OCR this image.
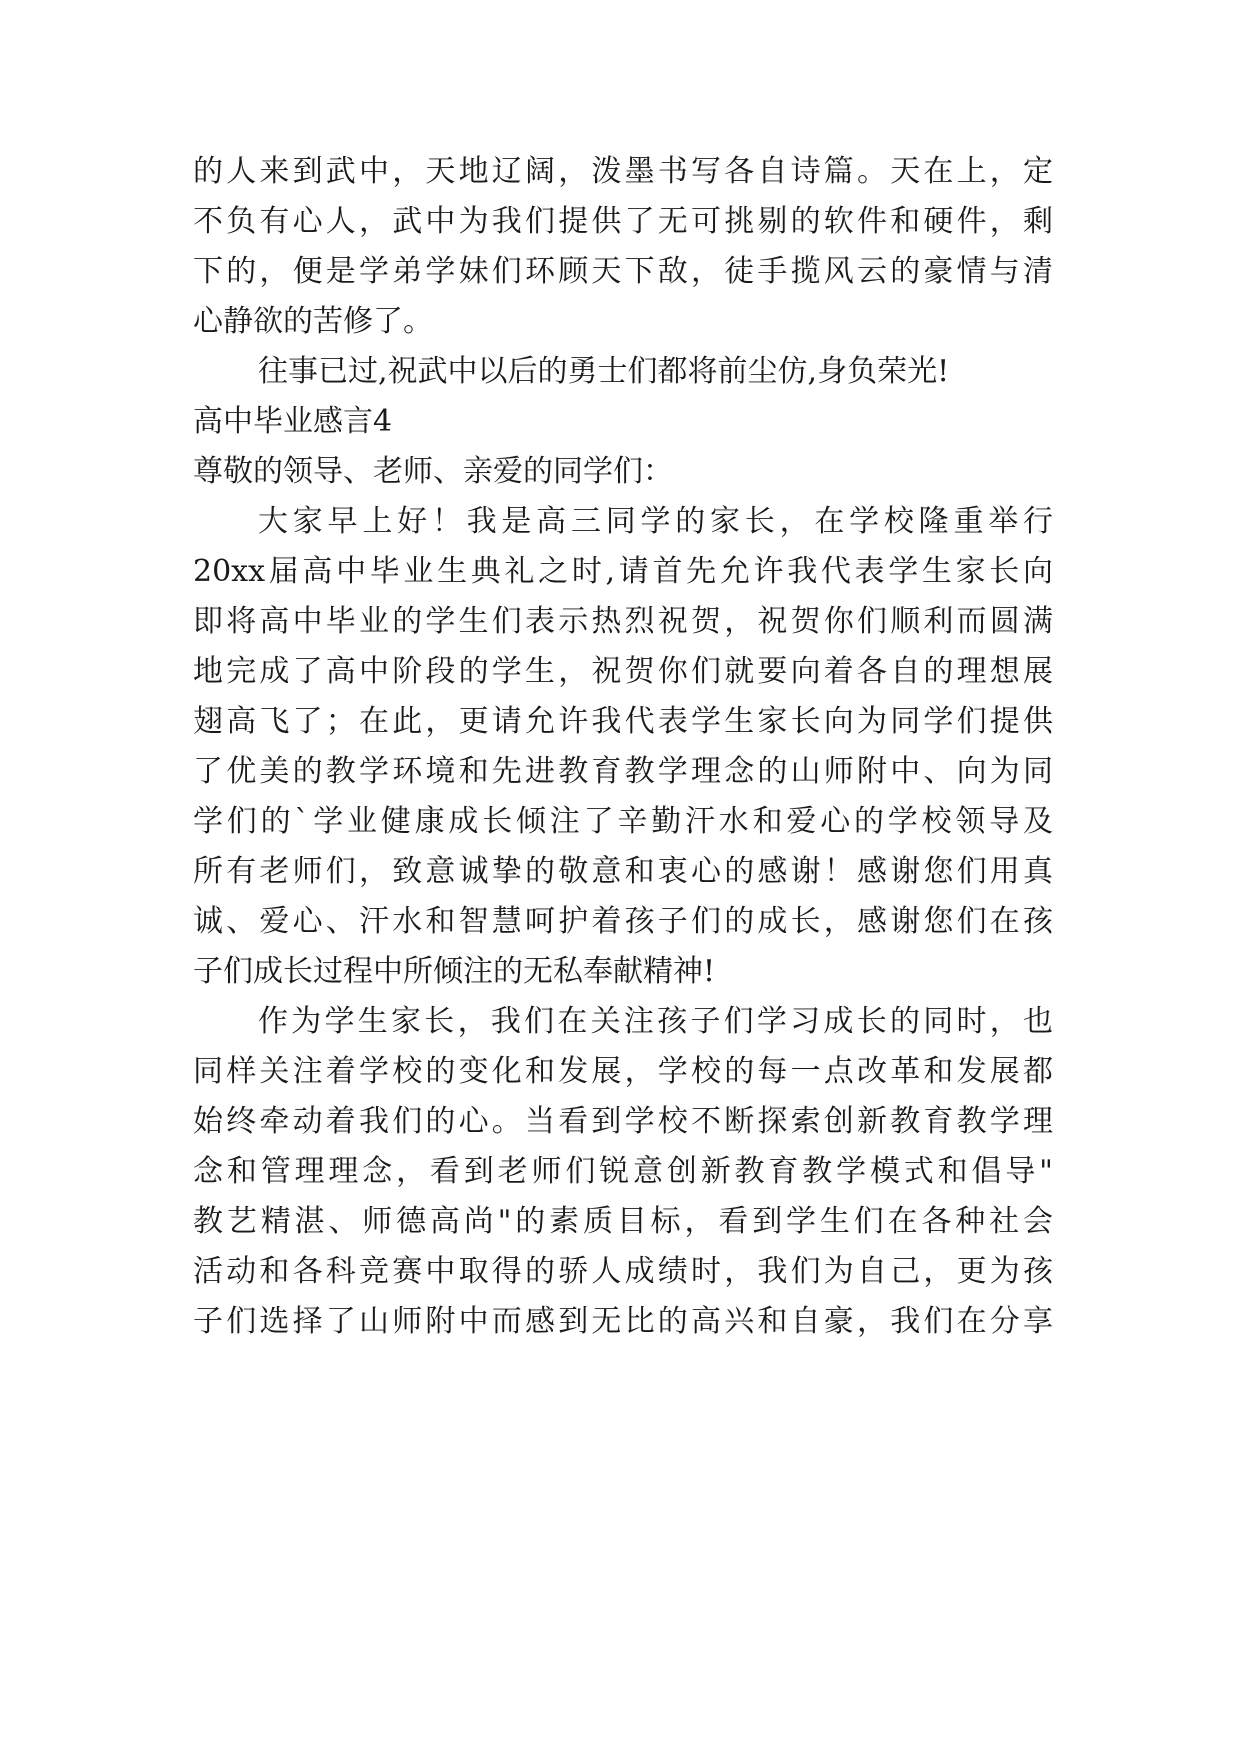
的人来到武中，天地辽阔，泼墨书写各自诗篇。天在上，定
不负有心人，武中为我们提供了无可挑剔的软件和硬件，剩
下的，便是学弟学妹们环顾天下敌，徒手揽风云的豪情与清
心静欲的苦修了。
往事已过,祝武中以后的勇士们都将前尘仿,身负荣光!
高中毕业感言4
尊敬的领导、老师、亲爱的同学们：
大家早上好！我是高三同学的家长，在学校隆重举行
20xx届高中毕业生典礼之时,请首先允许我代表学生家长向
即将高中毕业的学生们表示热烈祝贺，祝贺你们顺利而圆满
地完成了高中阶段的学生，祝贺你们就要向着各自的理想展
翅高飞了；在此，更请允许我代表学生家长向为同学们提供
了优美的教学环境和先进教育教学理念的山师附中、向为同
学们的`学业健康成长倾注了辛勤汗水和爱心的学校领导及
所有老师们，致意诚挚的敬意和衷心的感谢！感谢您们用真
诚、爱心、汗水和智慧呵护着孩子们的成长，感谢您们在孩
子们成长过程中所倾注的无私奉献精神!
作为学生家长，我们在关注孩子们学习成长的同时，也
同样关注着学校的变化和发展，学校的每一点改革和发展都
始终牵动着我们的心。当看到学校不断探索创新教育教学理
念和管理理念，看到老师们锐意创新教育教学模式和倡导"
教艺精湛、师德高尚"的素质目标，看到学生们在各种社会
活动和各科竞赛中取得的骄人成绩时，我们为自己，更为孩
子们选择了山师附中而感到无比的高兴和自豪，我们在分享
